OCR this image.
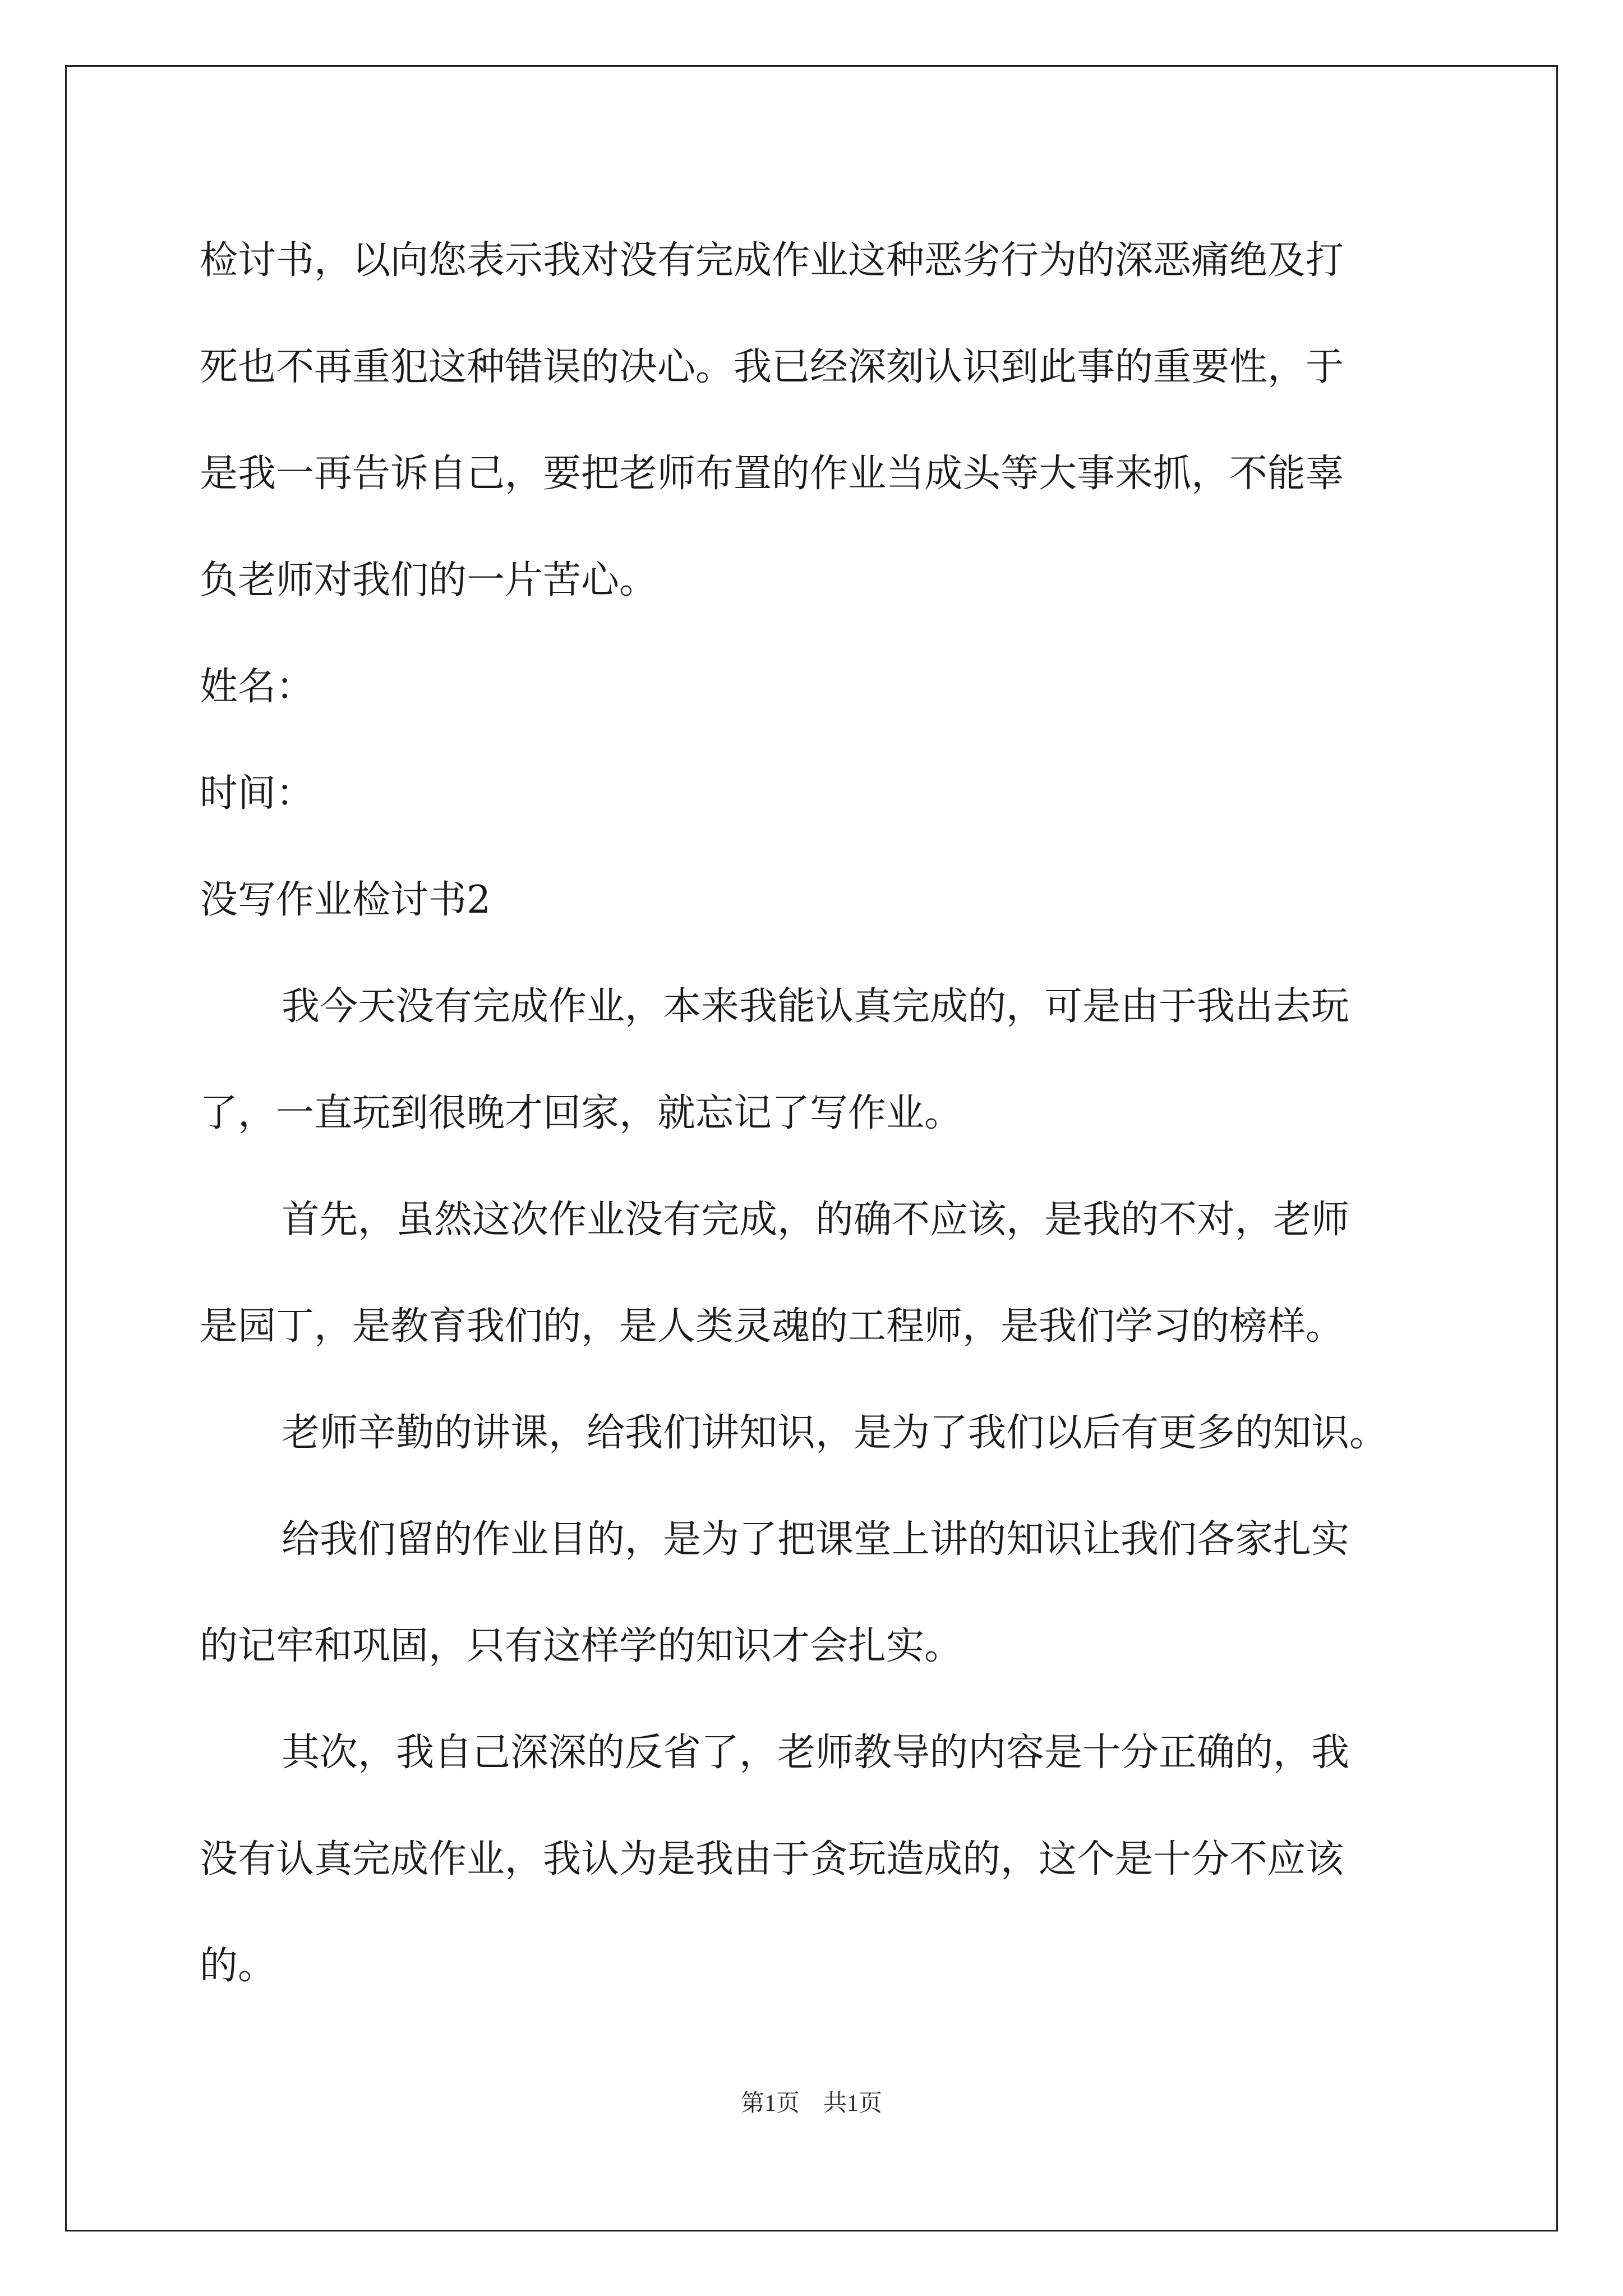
检讨书，以向您表示我对没有完成作业这种恶劣行为的深恶痛绝及打
死也不再重犯这种错误的决心。我已经深刻认识到此事的重要性，于
是我一再告诉自己，要把老师布置的作业当成头等大事来抓，不能辜
负老师对我们的一片苦心。
姓名：
时间：
没写作业检讨书2
我今天没有完成作业，本来我能认真完成的，可是由于我出去玩
了，一直玩到很晚才回家，就忘记了写作业。
首先，虽然这次作业没有完成，的确不应该，是我的不对，老师
是园丁，是教育我们的，是人类灵魂的工程师，是我们学习的榜样。
老师辛勤的讲课，给我们讲知识，是为了我们以后有更多的知识。
给我们留的作业目的，是为了把课堂上讲的知识让我们各家扎实
的记牢和巩固，只有这样学的知识才会扎实。
其次，我自己深深的反省了，老师教导的内容是十分正确的，我
没有认真完成作业，我认为是我由于贪玩造成的，这个是十分不应该
的。
第1页　共1页
